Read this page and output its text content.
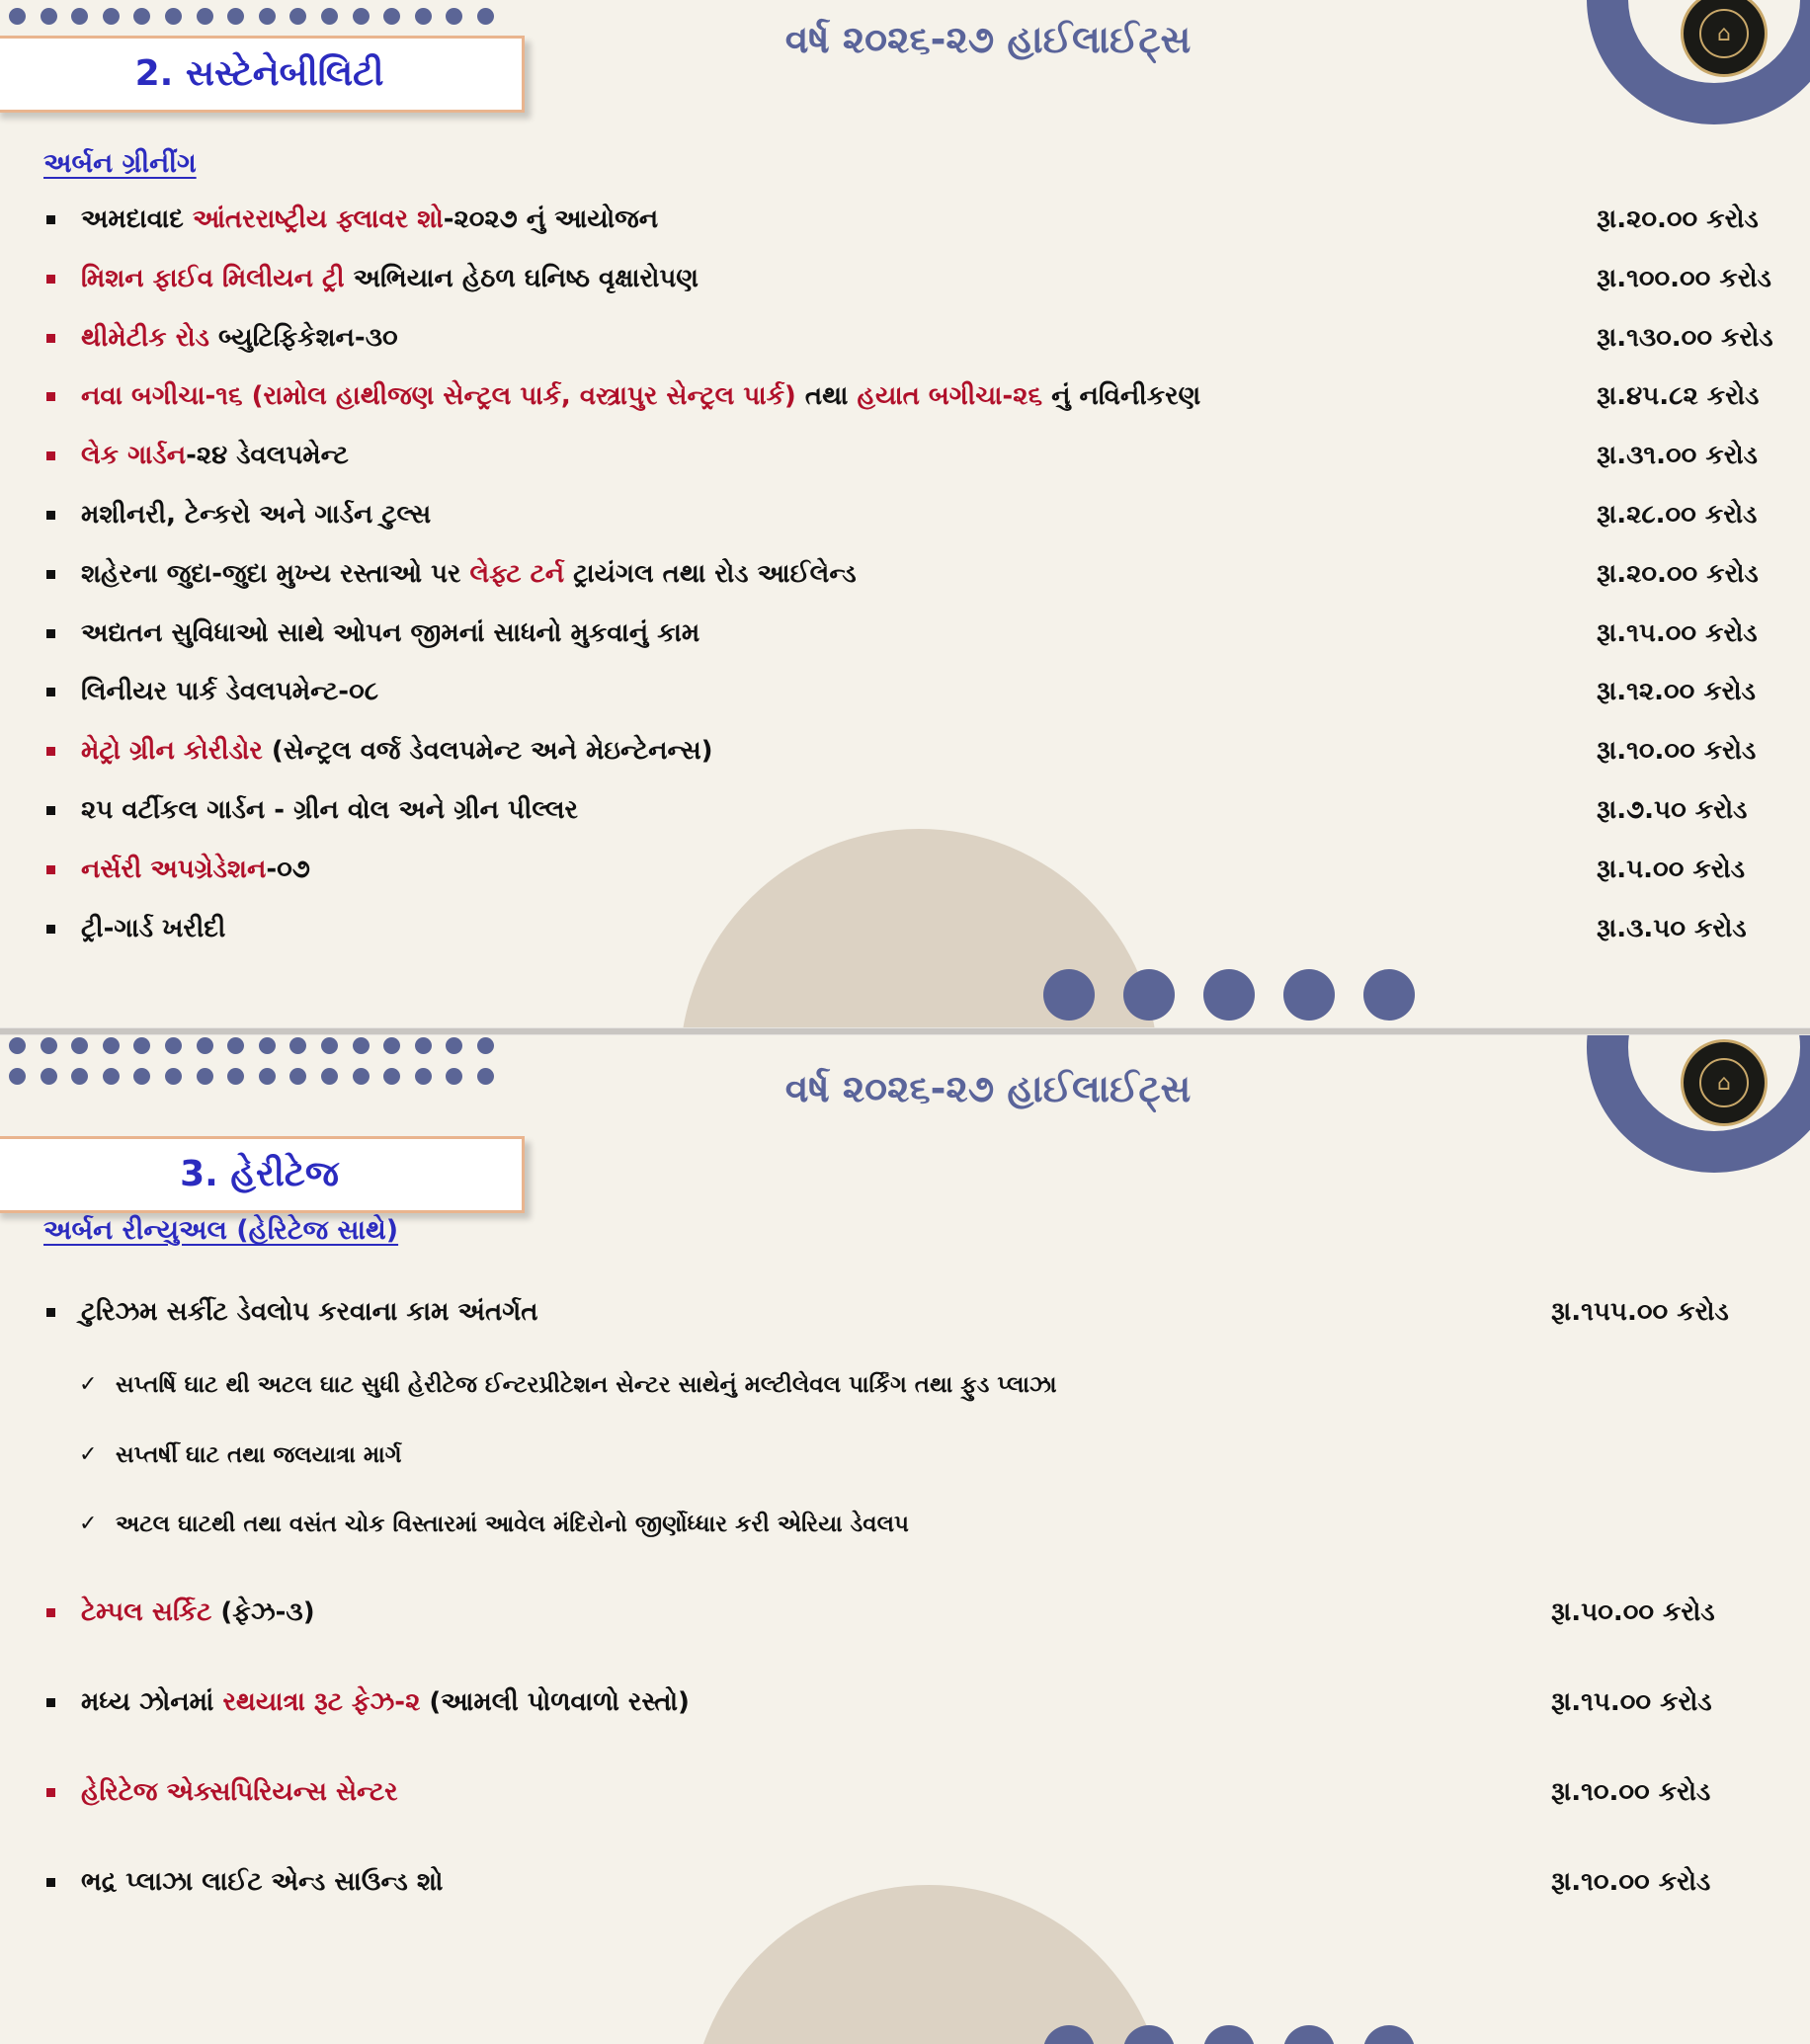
2. સસ્ટેનેબીલિટી
વર્ષ ૨૦૨૬-૨૭ હાઈલાઈટ્સ	⌂
અર્બન ગ્રીનીંગ
અમદાવાદ આંતરરાષ્ટ્રીય ફ્લાવર શો-૨૦૨૭ નું આયોજન	રૂા.૨૦.૦૦ કરોડ
મિશન ફાઈવ મિલીયન ટ્રી અભિયાન હેઠળ ઘનિષ્ઠ વૃક્ષારોપણ	રૂા.૧૦૦.૦૦ કરોડ
થીમેટીક રોડ બ્યુટિફિકેશન-૩૦	રૂા.૧૩૦.૦૦ કરોડ
નવા બગીચા-૧૬ (રામોલ હાથીજણ સેન્ટ્રલ પાર્ક, વસ્ત્રાપુર સેન્ટ્રલ પાર્ક) તથા હયાત બગીચા-૨૬ નું નવિનીકરણ	રૂા.૪૫.૮૨ કરોડ
લેક ગાર્ડન-૨૪ ડેવલપમેન્ટ	રૂા.૩૧.૦૦ કરોડ
મશીનરી, ટેન્કરો અને ગાર્ડન ટુલ્સ	રૂા.૨૮.૦૦ કરોડ
શહેરના જુદા-જુદા મુખ્ય રસ્તાઓ પર લેફ્ટ ટર્ન ટ્રાયંગલ તથા રોડ આઈલેન્ડ	રૂા.૨૦.૦૦ કરોડ
અદ્યતન સુવિધાઓ સાથે ઓપન જીમનાં સાધનો મુકવાનું કામ	રૂા.૧૫.૦૦ કરોડ
લિનીયર પાર્ક ડેવલપમેન્ટ-૦૮	રૂા.૧૨.૦૦ કરોડ
મેટ્રો ગ્રીન કોરીડોર (સેન્ટ્રલ વર્જ ડેવલપમેન્ટ અને મેઇન્ટેનન્સ)	રૂા.૧૦.૦૦ કરોડ
૨૫ વર્ટીકલ ગાર્ડન - ગ્રીન વોલ અને ગ્રીન પીલ્લર	રૂા.૭.૫૦ કરોડ
નર્સરી અપગ્રેડેશન-૦૭	રૂા.૫.૦૦ કરોડ
ટ્રી-ગાર્ડ ખરીદી	રૂા.૩.૫૦ કરોડ
3. હેરીટેજ
વર્ષ ૨૦૨૬-૨૭ હાઈલાઈટ્સ	⌂
અર્બન રીન્યુઅલ (હેરિટેજ સાથે)
ટુરિઝમ સર્કીટ ડેવલોપ કરવાના કામ અંતર્ગત	રૂા.૧૫૫.૦૦ કરોડ
✓ સપ્તર્ષિ ઘાટ થી અટલ ઘાટ સુધી હેરીટેજ ઈન્ટરપ્રીટેશન સેન્ટર સાથેનું મલ્ટીલેવલ પાર્કિંગ તથા ફુડ પ્લાઝા
✓ સપ્તર્ષી ઘાટ તથા જલયાત્રા માર્ગ
✓ અટલ ઘાટથી તથા વસંત ચોક વિસ્તારમાં આવેલ મંદિરોનો જીર્ણોધ્ધાર કરી એરિયા ડેવલપ
ટેમ્પલ સર્કિટ (ફેઝ-૩)	રૂા.૫૦.૦૦ કરોડ
મધ્ય ઝોનમાં રથયાત્રા રૂટ ફેઝ-૨ (આમલી પોળવાળો રસ્તો)	રૂા.૧૫.૦૦ કરોડ
હેરિટેજ એક્સપિરિયન્સ સેન્ટર	રૂા.૧૦.૦૦ કરોડ
ભદ્ર પ્લાઝા લાઈટ એન્ડ સાઉન્ડ શો	રૂા.૧૦.૦૦ કરોડ
